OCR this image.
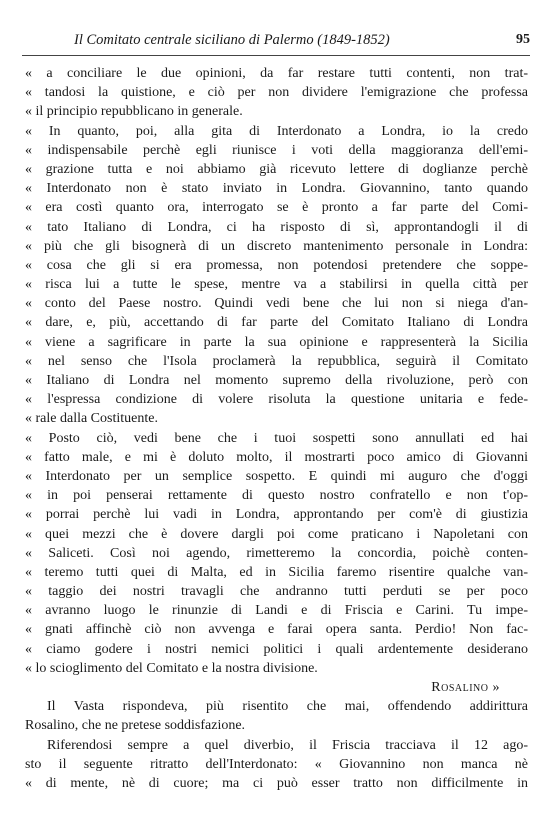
Il Comitato centrale siciliano di Palermo (1849-1852)	95
« a conciliare le due opinioni, da far restare tutti contenti, non trat-
« tandosi la quistione, e ciò per non dividere l'emigrazione che professa
« il principio repubblicano in generale.
« In quanto, poi, alla gita di Interdonato a Londra, io la credo
« indispensabile perchè egli riunisce i voti della maggioranza dell'emi-
« grazione tutta e noi abbiamo già ricevuto lettere di doglianze perchè
« Interdonato non è stato inviato in Londra. Giovannino, tanto quando
« era costì quanto ora, interrogato se è pronto a far parte del Comi-
« tato Italiano di Londra, ci ha risposto di sì, approntandogli il di
« più che gli bisognerà di un discreto mantenimento personale in Londra:
« cosa che gli si era promessa, non potendosi pretendere che soppe-
« risca lui a tutte le spese, mentre va a stabilirsi in quella città per
« conto del Paese nostro. Quindi vedi bene che lui non si niega d'an-
« dare, e, più, accettando di far parte del Comitato Italiano di Londra
« viene a sagrificare in parte la sua opinione e rappresenterà la Sicilia
« nel senso che l'Isola proclamerà la repubblica, seguirà il Comitato
« Italiano di Londra nel momento supremo della rivoluzione, però con
« l'espressa condizione di volere risoluta la questione unitaria e fede-
« rale dalla Costituente.
« Posto ciò, vedi bene che i tuoi sospetti sono annullati ed hai
« fatto male, e mi è doluto molto, il mostrarti poco amico di Giovanni
« Interdonato per un semplice sospetto. E quindi mi auguro che d'oggi
« in poi penserai rettamente di questo nostro confratello e non t'op-
« porrai perchè lui vadi in Londra, approntando per com'è di giustizia
« quei mezzi che è dovere dargli poi come praticano i Napoletani con
« Saliceti. Così noi agendo, rimetteremo la concordia, poichè conten-
« teremo tutti quei di Malta, ed in Sicilia faremo risentire qualche van-
« taggio dei nostri travagli che andranno tutti perduti se per poco
« avranno luogo le rinunzie di Landi e di Friscia e Carini. Tu impe-
« gnati affinchè ciò non avvenga e farai opera santa. Perdio! Non fac-
« ciamo godere i nostri nemici politici i quali ardentemente desiderano
« lo scioglimento del Comitato e la nostra divisione.
Rosalino »
Il Vasta rispondeva, più risentito che mai, offendendo addirittura
Rosalino, che ne pretese soddisfazione.
Riferendosi sempre a quel diverbio, il Friscia tracciava il 12 ago-
sto il seguente ritratto dell'Interdonato: « Giovannino non manca nè
« di mente, nè di cuore; ma ci può esser tratto non difficilmente in
